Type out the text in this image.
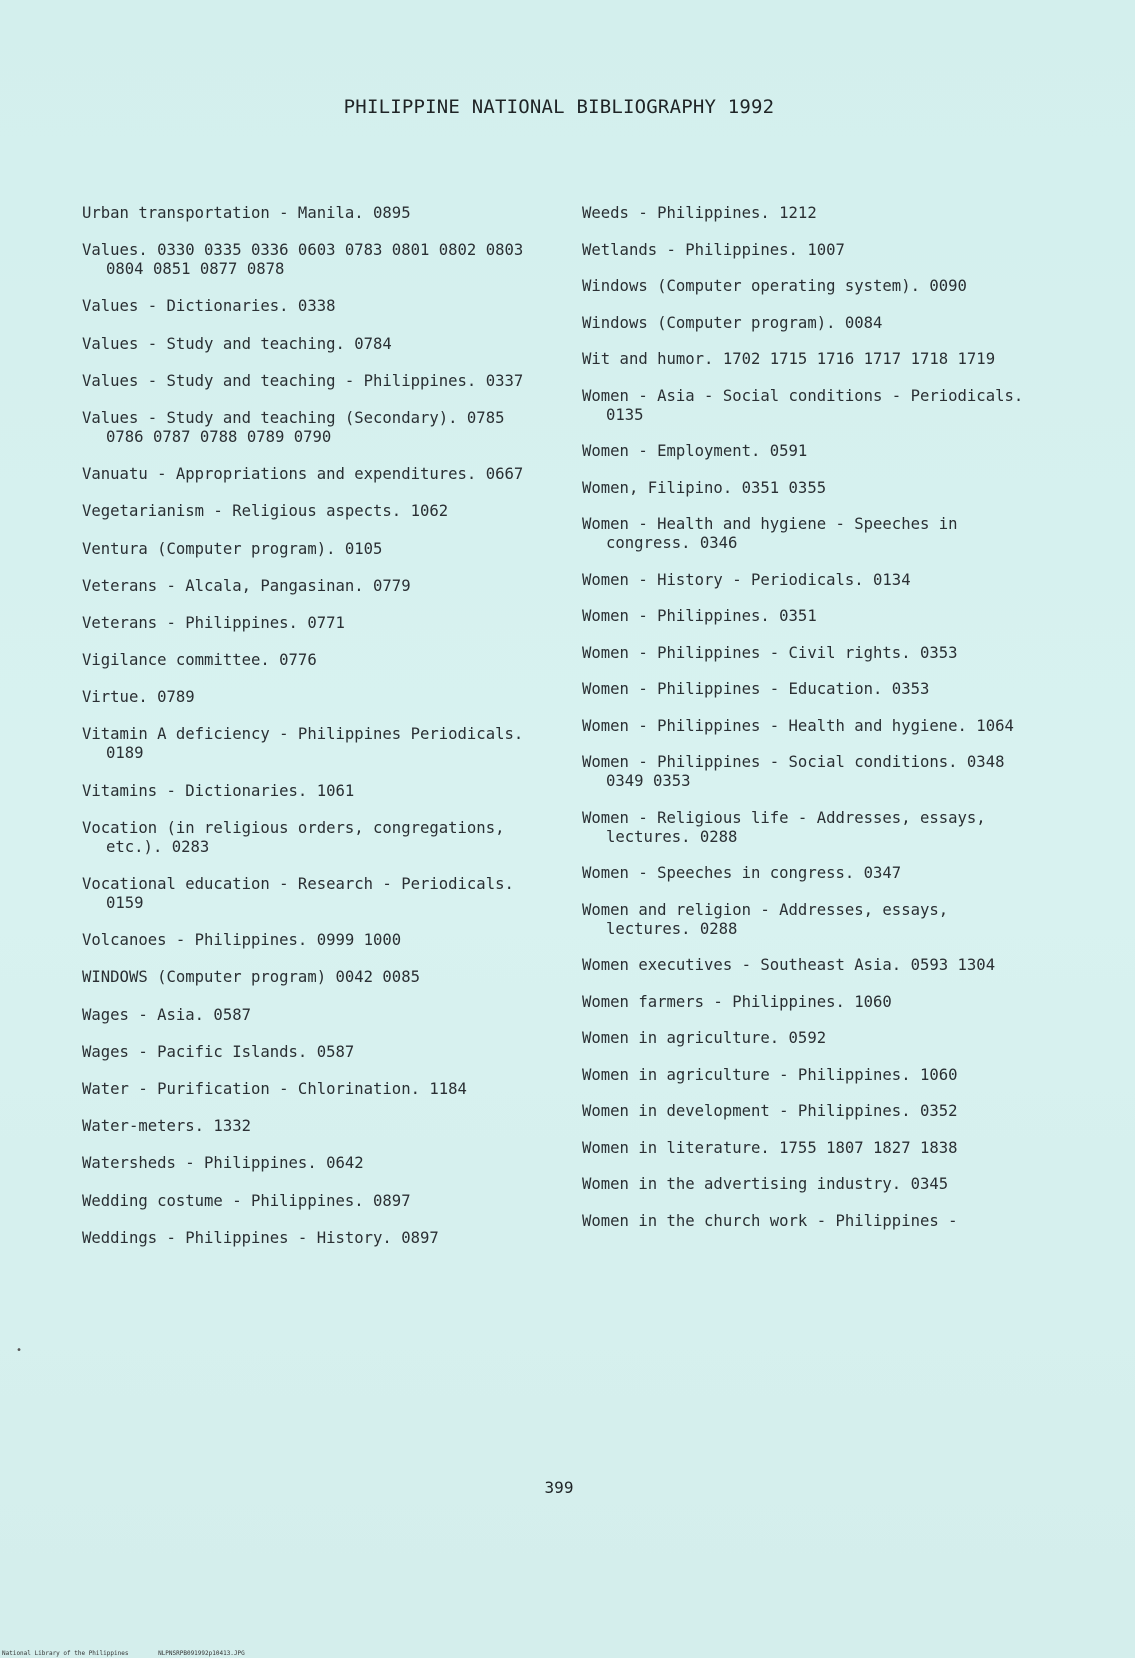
PHILIPPINE NATIONAL BIBLIOGRAPHY 1992
Urban transportation - Manila. 0895
Values. 0330 0335 0336 0603 0783 0801 0802 0803 0804 0851 0877 0878
Values - Dictionaries. 0338
Values - Study and teaching. 0784
Values - Study and teaching - Philippines. 0337
Values - Study and teaching (Secondary). 0785 0786 0787 0788 0789 0790
Vanuatu - Appropriations and expenditures. 0667
Vegetarianism - Religious aspects. 1062
Ventura (Computer program). 0105
Veterans - Alcala, Pangasinan. 0779
Veterans - Philippines. 0771
Vigilance committee. 0776
Virtue. 0789
Vitamin A deficiency - Philippines Periodicals. 0189
Vitamins - Dictionaries. 1061
Vocation (in religious orders, congregations, etc.). 0283
Vocational education - Research - Periodicals. 0159
Volcanoes - Philippines. 0999 1000
WINDOWS (Computer program) 0042 0085
Wages - Asia. 0587
Wages - Pacific Islands. 0587
Water - Purification - Chlorination. 1184
Water-meters. 1332
Watersheds - Philippines. 0642
Wedding costume - Philippines. 0897
Weddings - Philippines - History. 0897
Weeds - Philippines. 1212
Wetlands - Philippines. 1007
Windows (Computer operating system). 0090
Windows (Computer program). 0084
Wit and humor. 1702 1715 1716 1717 1718 1719
Women - Asia - Social conditions - Periodicals. 0135
Women - Employment. 0591
Women, Filipino. 0351 0355
Women - Health and hygiene - Speeches in congress. 0346
Women - History - Periodicals. 0134
Women - Philippines. 0351
Women - Philippines - Civil rights. 0353
Women - Philippines - Education. 0353
Women - Philippines - Health and hygiene. 1064
Women - Philippines - Social conditions. 0348 0349 0353
Women - Religious life - Addresses, essays, lectures. 0288
Women - Speeches in congress. 0347
Women and religion - Addresses, essays, lectures. 0288
Women executives - Southeast Asia. 0593 1304
Women farmers - Philippines. 1060
Women in agriculture. 0592
Women in agriculture - Philippines. 1060
Women in development - Philippines. 0352
Women in literature. 1755 1807 1827 1838
Women in the advertising industry. 0345
Women in the church work - Philippines -
•
399
National Library of the Philippines	NLPNSRPB091992p10413.JPG
